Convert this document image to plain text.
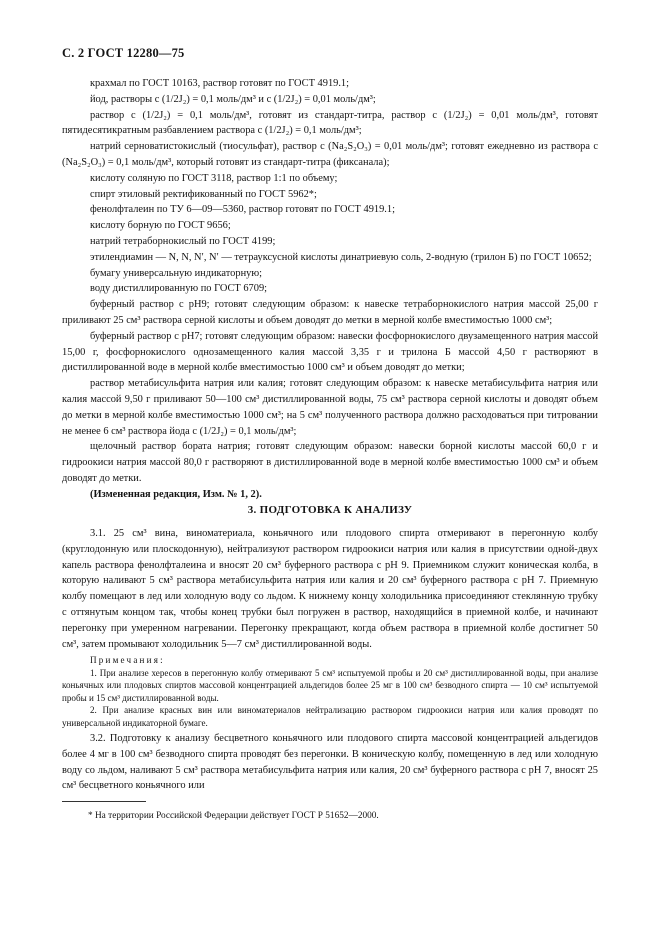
С. 2 ГОСТ 12280—75

крахмал по ГОСТ 10163, раствор готовят по ГОСТ 4919.1;

йод, растворы c (1/2J₂) = 0,1 моль/дм³ и c (1/2J₂) = 0,01 моль/дм³;

раствор c (1/2J₂) = 0,1 моль/дм³, готовят из стандарт-титра, раствор c (1/2J₂) = 0,01 моль/дм³, готовят пятидесятикратным разбавлением раствора c (1/2J₂) = 0,1 моль/дм³;

натрий серноватистокислый (тиосульфат), раствор c (Na₂S₂O₃) = 0,01 моль/дм³; готовят ежедневно из раствора c (Na₂S₂O₃) = 0,1 моль/дм³, который готовят из стандарт-титра (фиксанала);

кислоту соляную по ГОСТ 3118, раствор 1:1 по объему;

спирт этиловый ректификованный по ГОСТ 5962*;

фенолфталеин по ТУ 6—09—5360, раствор готовят по ГОСТ 4919.1;

кислоту борную по ГОСТ 9656;

натрий тетраборнокислый по ГОСТ 4199;

этилендиамин — N, N, N′, N′ — тетрауксусной кислоты динатриевую соль, 2-водную (трилон Б) по ГОСТ 10652;

бумагу универсальную индикаторную;

воду дистиллированную по ГОСТ 6709;

буферный раствор с pH9; готовят следующим образом: к навеске тетраборнокислого натрия массой 25,00 г приливают 25 см³ раствора серной кислоты и объем доводят до метки в мерной колбе вместимостью 1000 см³;

буферный раствор с pH7; готовят следующим образом: навески фосфорнокислого двузамещенного натрия массой 15,00 г, фосфорнокислого однозамещенного калия массой 3,35 г и трилона Б массой 4,50 г растворяют в дистиллированной воде в мерной колбе вместимостью 1000 см³ и объем доводят до метки;

раствор метабисульфита натрия или калия; готовят следующим образом: к навеске метабисульфита натрия или калия массой 9,50 г приливают 50—100 см³ дистиллированной воды, 75 см³ раствора серной кислоты и доводят объем до метки в мерной колбе вместимостью 1000 см³; на 5 см³ полученного раствора должно расходоваться при титровании не менее 6 см³ раствора йода c (1/2J₂) = 0,1 моль/дм³;

щелочный раствор бората натрия; готовят следующим образом: навески борной кислоты массой 60,0 г и гидроокиси натрия массой 80,0 г растворяют в дистиллированной воде в мерной колбе вместимостью 1000 см³ и объем доводят до метки.

(Измененная редакция, Изм. № 1, 2).

3. ПОДГОТОВКА К АНАЛИЗУ

3.1. 25 см³ вина, виноматериала, коньячного или плодового спирта отмеривают в перегонную колбу (круглодонную или плоскодонную), нейтрализуют раствором гидроокиси натрия или калия в присутствии одной-двух капель раствора фенолфталеина и вносят 20 см³ буферного раствора с pH 9. Приемником служит коническая колба, в которую наливают 5 см³ раствора метабисульфита натрия или калия и 20 см³ буферного раствора с pH 7. Приемную колбу помещают в лед или холодную воду со льдом. К нижнему концу холодильника присоединяют стеклянную трубку с оттянутым концом так, чтобы конец трубки был погружен в раствор, находящийся в приемной колбе, и начинают перегонку при умеренном нагревании. Перегонку прекращают, когда объем раствора в приемной колбе достигнет 50 см³, затем промывают холодильник 5—7 см³ дистиллированной воды.

Примечания:

1. При анализе хересов в перегонную колбу отмеривают 5 см³ испытуемой пробы и 20 см³ дистиллированной воды, при анализе коньячных или плодовых спиртов массовой концентрацией альдегидов более 25 мг в 100 см³ безводного спирта — 10 см³ испытуемой пробы и 15 см³ дистиллированной воды.

2. При анализе красных вин или виноматериалов нейтрализацию раствором гидроокиси натрия или калия проводят по универсальной индикаторной бумаге.

3.2. Подготовку к анализу бесцветного коньячного или плодового спирта массовой концентрацией альдегидов более 4 мг в 100 см³ безводного спирта проводят без перегонки. В коническую колбу, помещенную в лед или холодную воду со льдом, наливают 5 см³ раствора метабисульфита натрия или калия, 20 см³ буферного раствора с pH 7, вносят 25 см³ бесцветного коньячного или

* На территории Российской Федерации действует ГОСТ Р 51652—2000.
